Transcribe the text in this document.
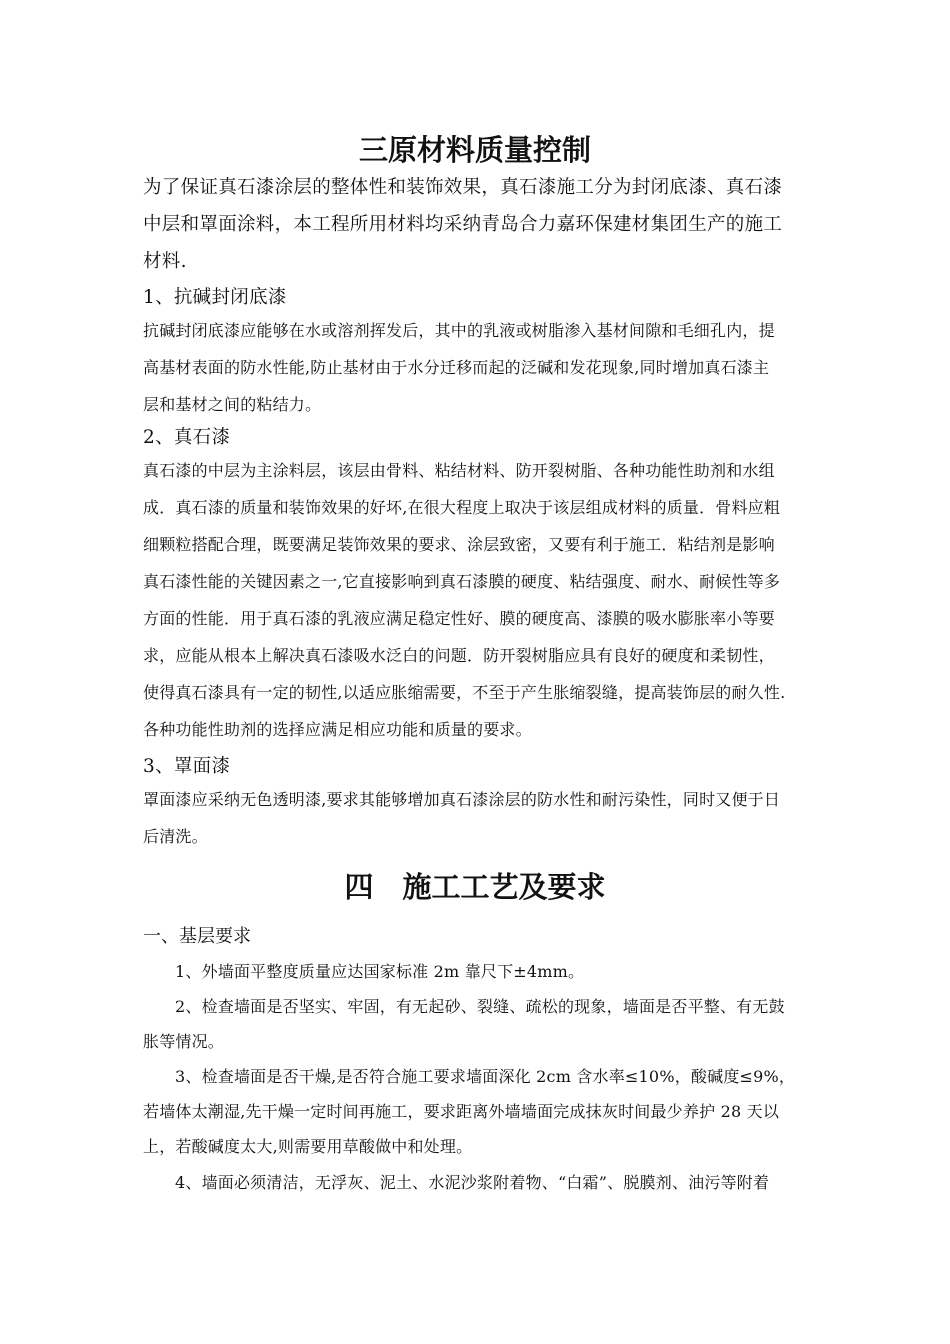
三原材料质量控制

为了保证真石漆涂层的整体性和装饰效果，真石漆施工分为封闭底漆、真石漆

中层和罩面涂料，本工程所用材料均采纳青岛合力嘉环保建材集团生产的施工

材料.

1、抗碱封闭底漆

抗碱封闭底漆应能够在水或溶剂挥发后，其中的乳液或树脂渗入基材间隙和毛细孔内，提

高基材表面的防水性能,防止基材由于水分迁移而起的泛碱和发花现象,同时增加真石漆主

层和基材之间的粘结力。

2、真石漆

真石漆的中层为主涂料层，该层由骨料、粘结材料、防开裂树脂、各种功能性助剂和水组

成．真石漆的质量和装饰效果的好坏,在很大程度上取决于该层组成材料的质量．骨料应粗

细颗粒搭配合理，既要满足装饰效果的要求、涂层致密，又要有利于施工．粘结剂是影响

真石漆性能的关键因素之一,它直接影响到真石漆膜的硬度、粘结强度、耐水、耐候性等多

方面的性能．用于真石漆的乳液应满足稳定性好、膜的硬度高、漆膜的吸水膨胀率小等要

求，应能从根本上解决真石漆吸水泛白的问题．防开裂树脂应具有良好的硬度和柔韧性，

使得真石漆具有一定的韧性,以适应胀缩需要，不至于产生胀缩裂缝，提高装饰层的耐久性.

各种功能性助剂的选择应满足相应功能和质量的要求。

3、罩面漆

罩面漆应采纳无色透明漆,要求其能够增加真石漆涂层的防水性和耐污染性，同时又便于日

后清洗。

四　施工工艺及要求

一、基层要求

1、外墙面平整度质量应达国家标准 2m 靠尺下±4mm。

2、检查墙面是否坚实、牢固，有无起砂、裂缝、疏松的现象，墙面是否平整、有无鼓

胀等情况。

3、检查墙面是否干燥,是否符合施工要求墙面深化 2cm 含水率≤10%，酸碱度≤9%，

若墙体太潮湿,先干燥一定时间再施工，要求距离外墙墙面完成抹灰时间最少养护 28 天以

上，若酸碱度太大,则需要用草酸做中和处理。

4、墙面必须清洁，无浮灰、泥土、水泥沙浆附着物、“白霜”、脱膜剂、油污等附着
